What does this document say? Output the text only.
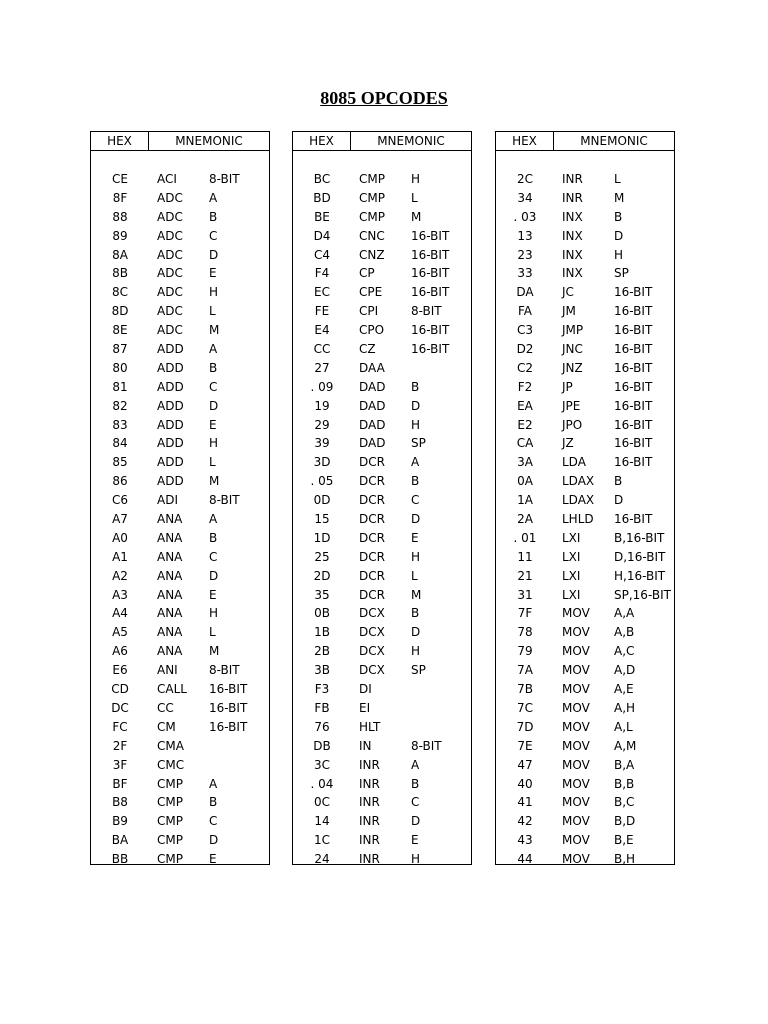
8085 OPCODES
HEX	MNEMONIC
CE	ACI	8-BIT
8F	ADC A
88	ADC B
89	ADC C
8A	ADC D
8B	ADC E
8C	ADC H
8D	ADC L
8E	ADC M
87	ADD A
80	ADD B
81	ADD C
82	ADD D
83	ADD E
84	ADD H
85	ADD L
86	ADD M
C6	ADI	8-BIT
A7	ANA A
A0	ANA B
A1	ANA C
A2	ANA D
A3	ANA E
A4	ANA H
A5	ANA L
A6	ANA M
E6	ANI	8-BIT
CD	CALL 16-BIT
DC	CC	16-BIT
FC	CM	16-BIT
2F	CMA
3F	CMC
BF	CMP A
B8	CMP B
B9	CMP C
BA	CMP D
BB	CMP E
HEX	MNEMONIC
BC	CMP H
BD	CMP L
BE	CMP M
D4	CNC 16-BIT
C4	CNZ 16-BIT
F4	CP	16-BIT
EC	CPE 16-BIT
FE	CPI	8-BIT
E4	CPO 16-BIT
CC	CZ	16-BIT
27	DAA
. 09	DAD B
19	DAD D
29	DAD H
39	DAD SP
3D	DCR A
. 05	DCR B
0D	DCR C
15	DCR D
1D	DCR E
25	DCR H
2D	DCR L
35	DCR M
0B	DCX B
1B	DCX D
2B	DCX H
3B	DCX SP
F3	DI
FB	EI
76	HLT
DB	IN	8-BIT
3C	INR	A
. 04	INR	B
0C	INR	C
14	INR	D
1C	INR	E
24	INR	H
HEX	MNEMONIC
2C	INR	L
34	INR	M
. 03	INX	B
13	INX	D
23	INX	H
33	INX	SP
DA	JC	16-BIT
FA	JM	16-BIT
C3	JMP	16-BIT
D2	JNC	16-BIT
C2	JNZ	16-BIT
F2	JP	16-BIT
EA	JPE	16-BIT
E2	JPO	16-BIT
CA	JZ	16-BIT
3A	LDA 16-BIT
0A	LDAX B
1A	LDAX D
2A	LHLD 16-BIT
. 01	LXI	B,16-BIT
11	LXI	D,16-BIT
21	LXI	H,16-BIT
31	LXI	SP,16-BIT
7F	MOV A,A
78	MOV A,B
79	MOV A,C
7A	MOV A,D
7B	MOV A,E
7C	MOV A,H
7D	MOV A,L
7E	MOV A,M
47	MOV B,A
40	MOV B,B
41	MOV B,C
42	MOV B,D
43	MOV B,E
44	MOV B,H
